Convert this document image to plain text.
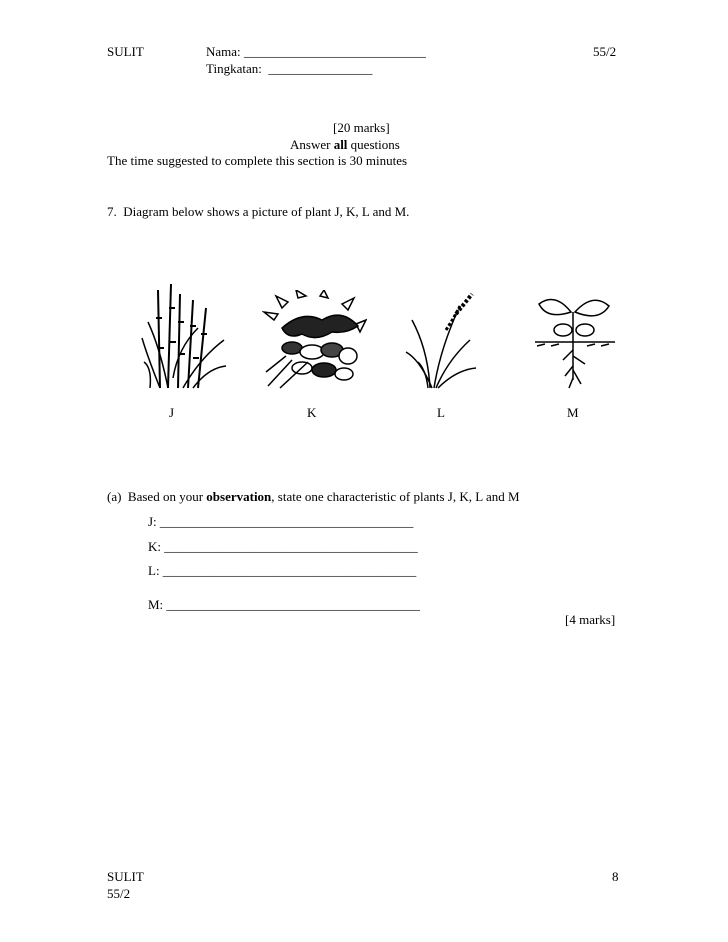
SULIT	Nama: ____________________________	55/2
Tingkatan:  ________________
[20 marks]
Answer all questions
The time suggested to complete this section is 30 minutes
7.  Diagram below shows a picture of plant J, K, L and M.
J	K	L	M
(a)  Based on your observation, state one characteristic of plants J, K, L and M
J: _______________________________________
K: _______________________________________
L: _______________________________________
M: _______________________________________
[4 marks]
SULIT
55/2
8
